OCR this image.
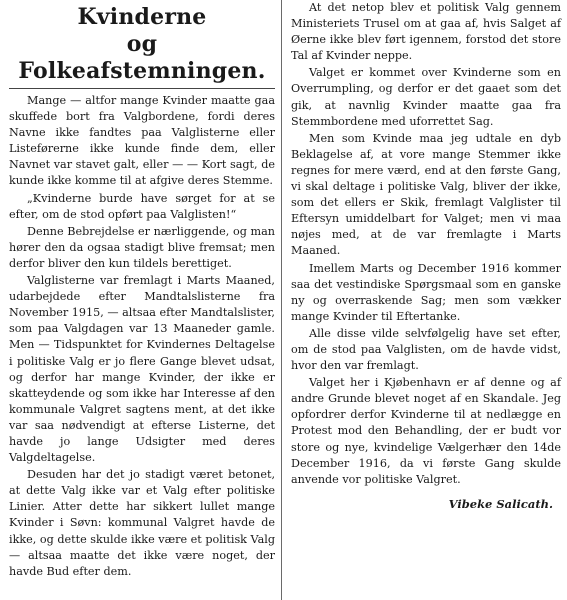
Kvinderne
og Folkeafstemningen.

Mange — altfor mange Kvinder maatte gaa skuffede bort fra Valgbordene, fordi deres Navne ikke fandtes paa Valglisterne eller Listeførerne ikke kunde finde dem, eller Navnet var stavet galt, eller — — Kort sagt, de kunde ikke komme til at afgive deres Stemme.

„Kvinderne burde have sørget for at se efter, om de stod opført paa Valglisten!“

Denne Bebrejdelse er nærliggende, og man hører den da ogsaa stadigt blive fremsat; men derfor bliver den kun tildels berettiget.

Valglisterne var fremlagt i Marts Maaned, udarbejdede efter Mandtalslisterne fra November 1915, — altsaa efter Mandtalslister, som paa Valgdagen var 13 Maaneder gamle. Men — Tidspunktet for Kvindernes Deltagelse i politiske Valg er jo flere Gange blevet udsat, og derfor har mange Kvinder, der ikke er skatteydende og som ikke har Interesse af den kommunale Valgret sagtens ment, at det ikke var saa nødvendigt at efterse Listerne, det havde jo lange Udsigter med deres Valgdeltagelse.

Desuden har det jo stadigt været betonet, at dette Valg ikke var et Valg efter politiske Linier. Atter dette har sikkert lullet mange Kvinder i Søvn: kommunal Valgret havde de ikke, og dette skulde ikke være et politisk Valg — altsaa maatte det ikke være noget, der havde Bud efter dem.

At det netop blev et politisk Valg gennem Ministeriets Trusel om at gaa af, hvis Salget af Øerne ikke blev ført igennem, forstod det store Tal af Kvinder neppe.

Valget er kommet over Kvinderne som en Overrumpling, og derfor er det gaaet som det gik, at navnlig Kvinder maatte gaa fra Stemmbordene med uforrettet Sag.

Men som Kvinde maa jeg udtale en dyb Beklagelse af, at vore mange Stemmer ikke regnes for mere værd, end at den første Gang, vi skal deltage i politiske Valg, bliver der ikke, som det ellers er Skik, fremlagt Valglister til Eftersyn umiddelbart for Valget; men vi maa nøjes med, at de var fremlagte i Marts Maaned.

Imellem Marts og December 1916 kommer saa det vestindiske Spørgsmaal som en ganske ny og overraskende Sag; men som vækker mange Kvinder til Eftertanke.

Alle disse vilde selvfølgelig have set efter, om de stod paa Valglisten, om de havde vidst, hvor den var fremlagt.

Valget her i Kjøbenhavn er af denne og af andre Grunde blevet noget af en Skandale. Jeg opfordrer derfor Kvinderne til at nedlægge en Protest mod den Behandling, der er budt vor store og nye, kvindelige Vælgerhær den 14de December 1916, da vi første Gang skulde anvende vor politiske Valgret.

Vibeke Salicath.
